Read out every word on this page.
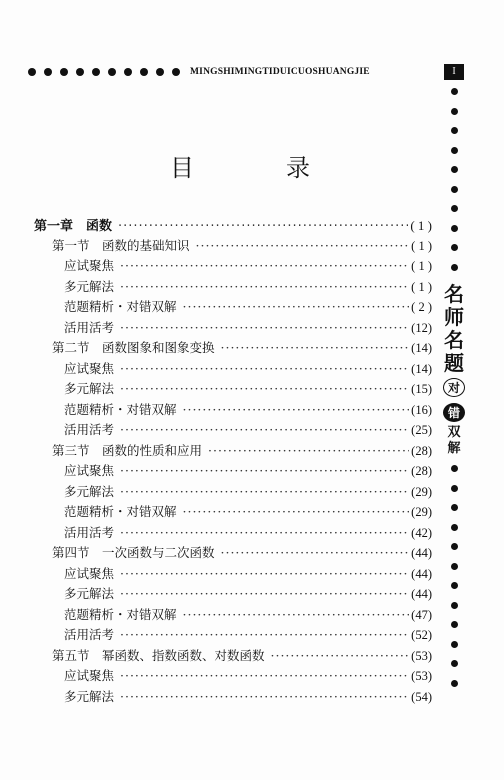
MINGSHIMINGTIDUICUOSHUANGJIE	I
名
师
名
题
对
错
双
解
目	录
第一章　函数 ·····	( 1 )
第一节　函数的基础知识 ·····	( 1 )
应试聚焦 ·····	( 1 )
多元解法 ·····	( 1 )
范题精析・对错双解 ·····	( 2 )
活用活考 ·····	(12)
第二节　函数图象和图象变换 ·····	(14)
应试聚焦 ·····	(14)
多元解法 ·····	(15)
范题精析・对错双解 ·····	(16)
活用活考 ·····	(25)
第三节　函数的性质和应用 ·····	(28)
应试聚焦 ·····	(28)
多元解法 ·····	(29)
范题精析・对错双解 ·····	(29)
活用活考 ·····	(42)
第四节　一次函数与二次函数 ·····	(44)
应试聚焦 ·····	(44)
多元解法 ·····	(44)
范题精析・对错双解 ·····	(47)
活用活考 ·····	(52)
第五节　幂函数、指数函数、对数函数 ·····	(53)
应试聚焦 ·····	(53)
多元解法 ·····	(54)
